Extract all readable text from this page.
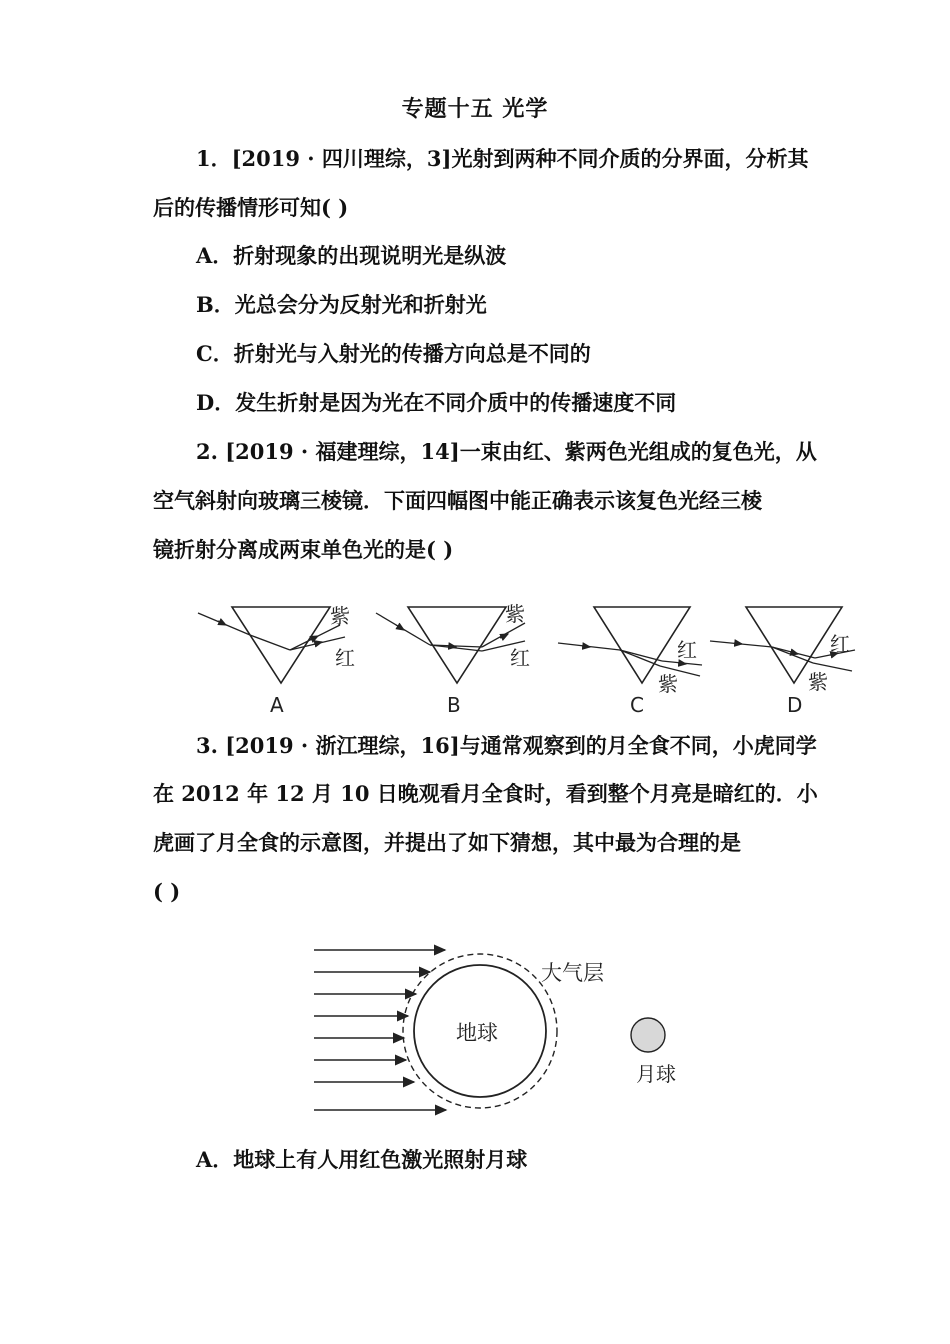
专题十五 光学
1．[2019 · 四川理综，3]光射到两种不同介质的分界面，分析其
后的传播情形可知( )
A．折射现象的出现说明光是纵波
B．光总会分为反射光和折射光
C．折射光与入射光的传播方向总是不同的
D．发生折射是因为光在不同介质中的传播速度不同
2. [2019 · 福建理综，14]一束由红、紫两色光组成的复色光，从
空气斜射向玻璃三棱镜．下面四幅图中能正确表示该复色光经三棱
镜折射分离成两束单色光的是( )
紫
红
A
紫
红
B
红
紫
C
红
紫
D
3. [2019 · 浙江理综，16]与通常观察到的月全食不同，小虎同学
在 2012 年 12 月 10 日晚观看月全食时，看到整个月亮是暗红的．小
虎画了月全食的示意图，并提出了如下猜想，其中最为合理的是
( )
地球
大气层
月球
A．地球上有人用红色激光照射月球
